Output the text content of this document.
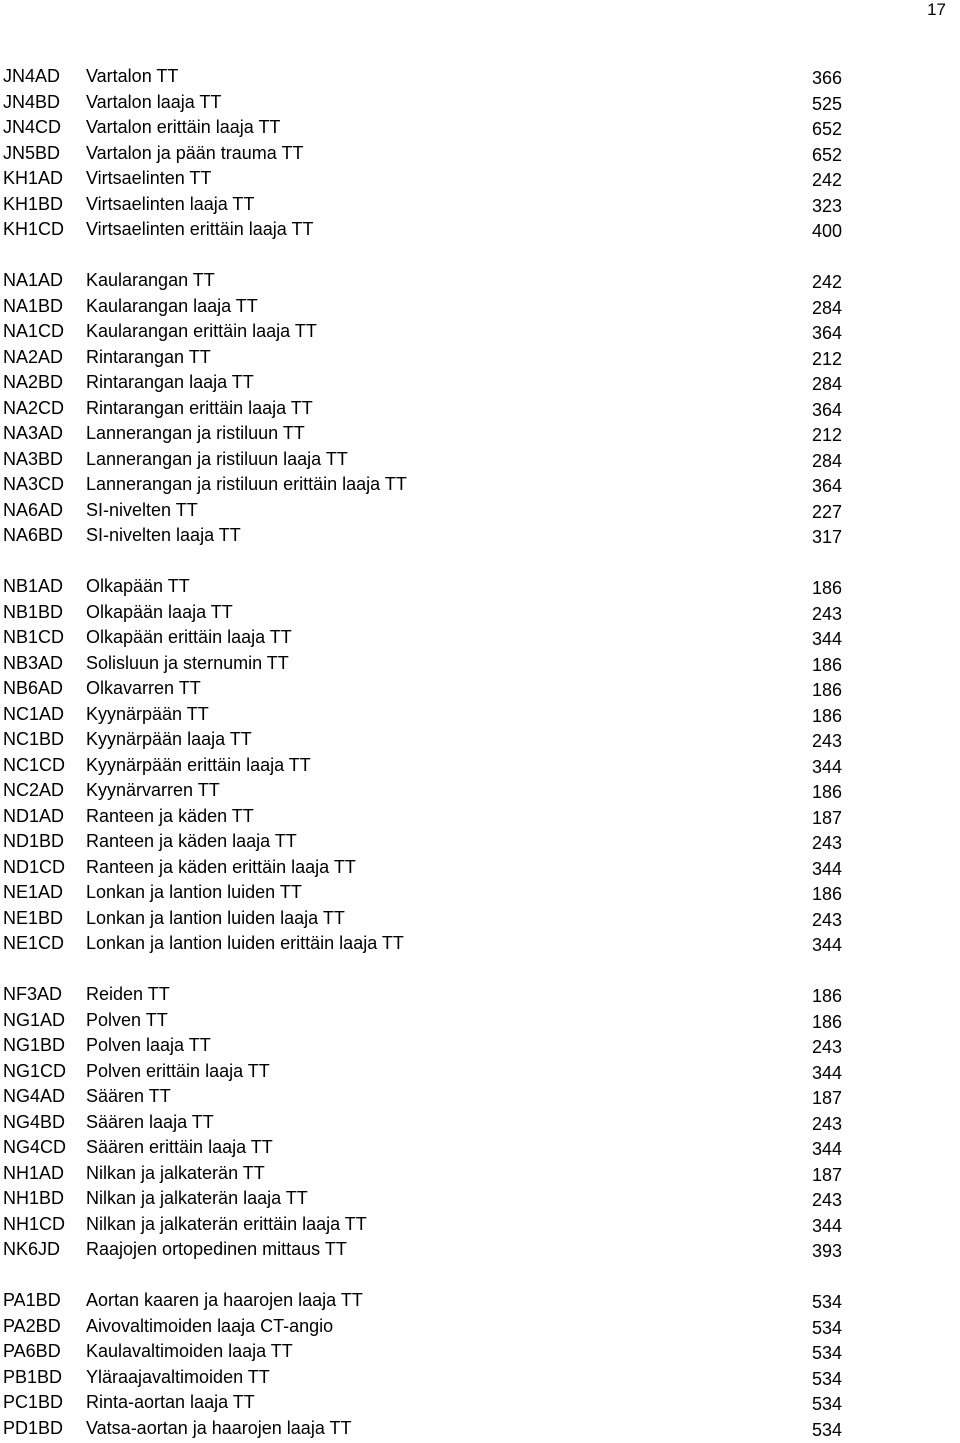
17
JN4AD	Vartalon TT	366
JN4BD	Vartalon laaja TT	525
JN4CD	Vartalon erittäin laaja TT	652
JN5BD	Vartalon ja pään trauma TT	652
KH1AD	Virtsaelinten TT	242
KH1BD	Virtsaelinten laaja TT	323
KH1CD	Virtsaelinten erittäin laaja TT	400
NA1AD	Kaularangan TT	242
NA1BD	Kaularangan laaja TT	284
NA1CD	Kaularangan erittäin laaja TT	364
NA2AD	Rintarangan TT	212
NA2BD	Rintarangan laaja TT	284
NA2CD	Rintarangan erittäin laaja TT	364
NA3AD	Lannerangan ja ristiluun TT	212
NA3BD	Lannerangan ja ristiluun laaja TT	284
NA3CD	Lannerangan ja ristiluun erittäin laaja TT	364
NA6AD	SI-nivelten TT	227
NA6BD	SI-nivelten laaja TT	317
NB1AD	Olkapään TT	186
NB1BD	Olkapään laaja TT	243
NB1CD	Olkapään erittäin laaja TT	344
NB3AD	Solisluun ja sternumin TT	186
NB6AD	Olkavarren TT	186
NC1AD	Kyynärpään TT	186
NC1BD	Kyynärpään laaja TT	243
NC1CD	Kyynärpään erittäin laaja TT	344
NC2AD	Kyynärvarren TT	186
ND1AD	Ranteen ja käden TT	187
ND1BD	Ranteen ja käden laaja TT	243
ND1CD	Ranteen ja käden erittäin laaja TT	344
NE1AD	Lonkan ja lantion luiden TT	186
NE1BD	Lonkan ja lantion luiden laaja TT	243
NE1CD	Lonkan ja lantion luiden erittäin laaja TT	344
NF3AD	Reiden TT	186
NG1AD	Polven TT	186
NG1BD	Polven laaja TT	243
NG1CD	Polven erittäin laaja TT	344
NG4AD	Säären TT	187
NG4BD	Säären laaja TT	243
NG4CD	Säären erittäin laaja TT	344
NH1AD	Nilkan ja jalkaterän TT	187
NH1BD	Nilkan ja jalkaterän laaja TT	243
NH1CD	Nilkan ja jalkaterän erittäin laaja TT	344
NK6JD	Raajojen ortopedinen mittaus TT	393
PA1BD	Aortan kaaren ja haarojen laaja TT	534
PA2BD	Aivovaltimoiden laaja CT-angio	534
PA6BD	Kaulavaltimoiden laaja TT	534
PB1BD	Yläraajavaltimoiden TT	534
PC1BD	Rinta-aortan laaja TT	534
PD1BD	Vatsa-aortan ja haarojen laaja TT	534
